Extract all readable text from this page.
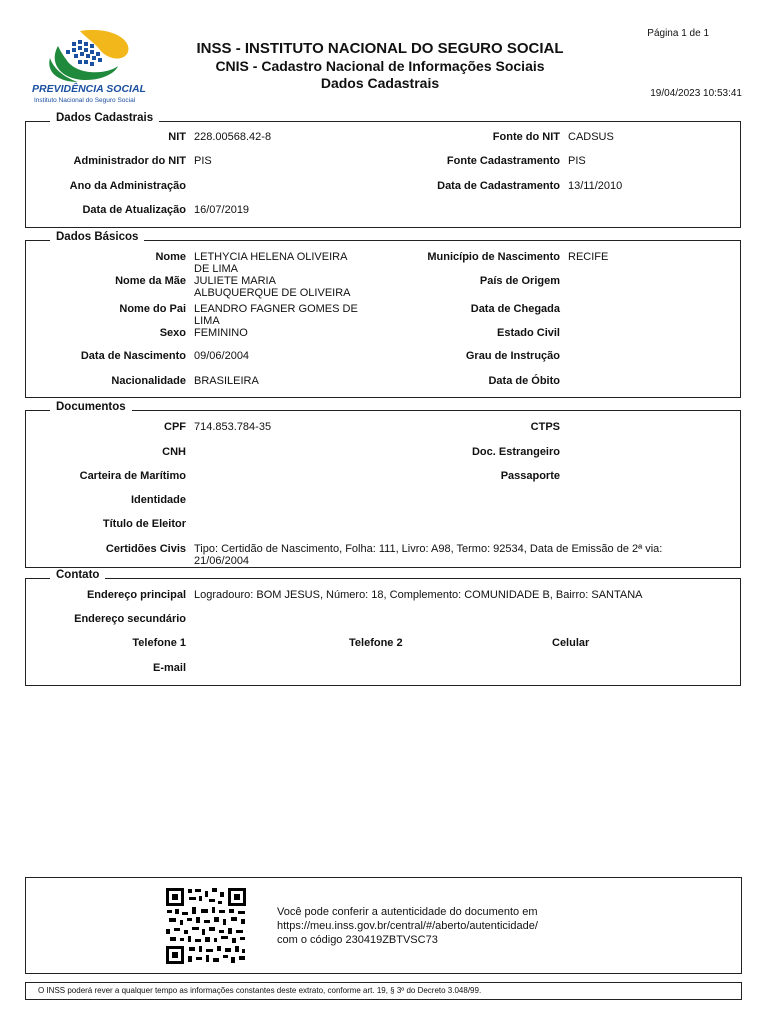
PREVIDÊNCIA SOCIAL
Instituto Nacional do Seguro Social
INSS - INSTITUTO NACIONAL DO SEGURO SOCIAL
CNIS - Cadastro Nacional de Informações Sociais
Dados Cadastrais
Página 1 de 1
19/04/2023 10:53:41
Dados Cadastrais
NIT 228.00568.42-8	Fonte do NIT CADSUS
Administrador do NIT PIS	Fonte Cadastramento PIS
Ano da Administração	Data de Cadastramento 13/11/2010
Data de Atualização 16/07/2019
Dados Básicos
Nome LETHYCIA HELENA OLIVEIRA
DE LIMA
Município de Nascimento RECIFE
Nome da Mãe JULIETE MARIA
ALBUQUERQUE DE OLIVEIRA
País de Origem
Nome do Pai LEANDRO FAGNER GOMES DE
LIMA
Data de Chegada
Sexo FEMININO	Estado Civil
Data de Nascimento 09/06/2004	Grau de Instrução
Nacionalidade BRASILEIRA	Data de Óbito
Documentos
CPF 714.853.784-35	CTPS
CNH	Doc. Estrangeiro
Carteira de Marítimo	Passaporte
Identidade
Título de Eleitor
Certidões Civis Tipo: Certidão de Nascimento, Folha: 111, Livro: A98, Termo: 92534, Data de Emissão de 2ª via:
21/06/2004
Contato
Endereço principal Logradouro: BOM JESUS, Número: 18, Complemento: COMUNIDADE B, Bairro: SANTANA
Endereço secundário
Telefone 1	Telefone 2	Celular
E-mail
Você pode conferir a autenticidade do documento em
https://meu.inss.gov.br/central/#/aberto/autenticidade/
com o código 230419ZBTVSC73
O INSS poderá rever a qualquer tempo as informações constantes deste extrato, conforme art. 19, § 3º do Decreto 3.048/99.
